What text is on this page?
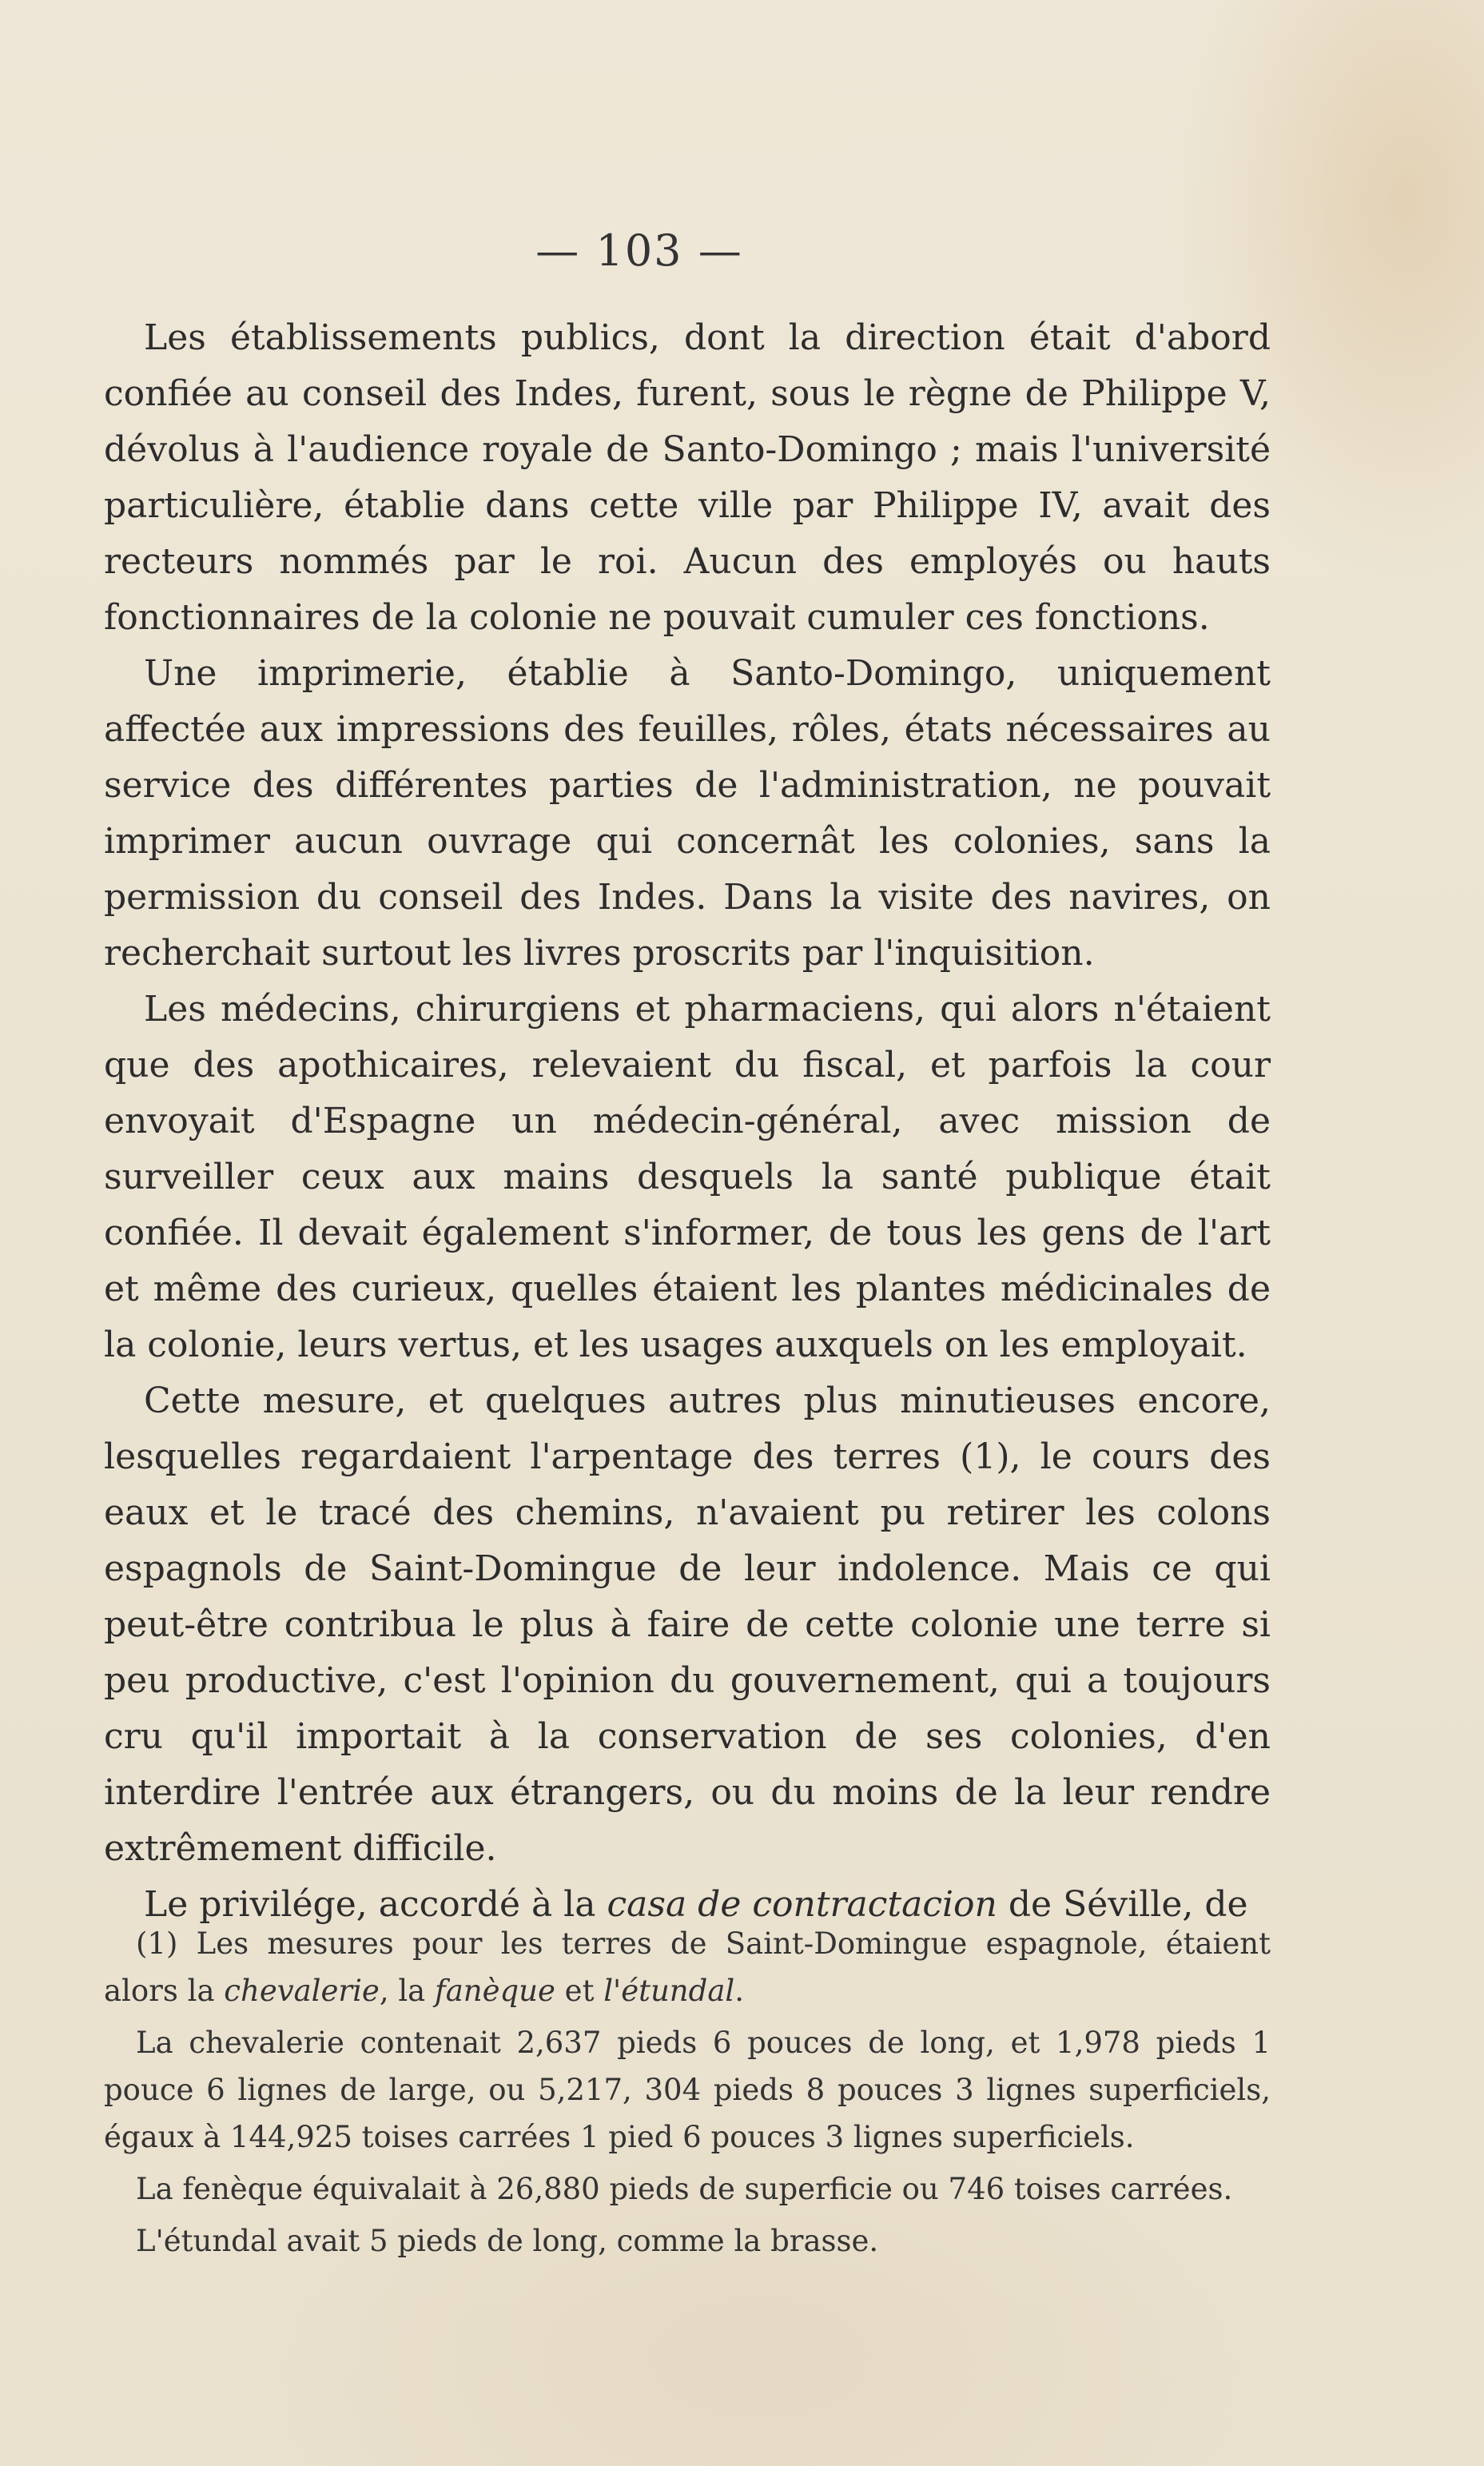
— 103 —

Les établissements publics, dont la direction était d'abord confiée au conseil des Indes, furent, sous le règne de Philippe V, dévolus à l'audience royale de Santo-Domingo ; mais l'université particulière, établie dans cette ville par Philippe IV, avait des recteurs nommés par le roi. Aucun des employés ou hauts fonctionnaires de la colonie ne pouvait cumuler ces fonctions.

Une imprimerie, établie à Santo-Domingo, uniquement affectée aux impressions des feuilles, rôles, états nécessaires au service des différentes parties de l'administration, ne pouvait imprimer aucun ouvrage qui concernât les colonies, sans la permission du conseil des Indes. Dans la visite des navires, on recherchait surtout les livres proscrits par l'inquisition.

Les médecins, chirurgiens et pharmaciens, qui alors n'étaient que des apothicaires, relevaient du fiscal, et parfois la cour envoyait d'Espagne un médecin-général, avec mission de surveiller ceux aux mains desquels la santé publique était confiée. Il devait également s'informer, de tous les gens de l'art et même des curieux, quelles étaient les plantes médicinales de la colonie, leurs vertus, et les usages auxquels on les employait.

Cette mesure, et quelques autres plus minutieuses encore, lesquelles regardaient l'arpentage des terres (1), le cours des eaux et le tracé des chemins, n'avaient pu retirer les colons espagnols de Saint-Domingue de leur indolence. Mais ce qui peut-être contribua le plus à faire de cette colonie une terre si peu productive, c'est l'opinion du gouvernement, qui a toujours cru qu'il importait à la conservation de ses colonies, d'en interdire l'entrée aux étrangers, ou du moins de la leur rendre extrêmement difficile.

Le privilége, accordé à la casa de contractacion de Séville, de

(1) Les mesures pour les terres de Saint-Domingue espagnole, étaient alors la chevalerie, la fanèque et l'étundal.

La chevalerie contenait 2,637 pieds 6 pouces de long, et 1,978 pieds 1 pouce 6 lignes de large, ou 5,217, 304 pieds 8 pouces 3 lignes superficiels, égaux à 144,925 toises carrées 1 pied 6 pouces 3 lignes superficiels.

La fenèque équivalait à 26,880 pieds de superficie ou 746 toises carrées.

L'étundal avait 5 pieds de long, comme la brasse.
